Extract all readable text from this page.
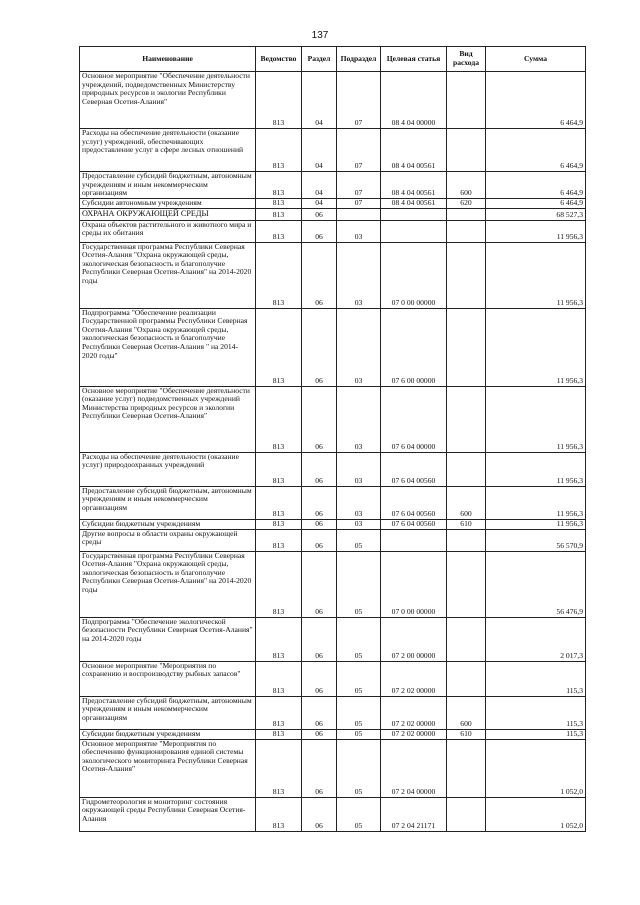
137
Наименование	Ведомство	Раздел	Подраздел	Целевая статья	Вид расхода	Сумма
Основное мероприятие "Обеспечение деятельности учреждений, подведомственных Министерству природных ресурсов и экологии Республики Северная Осетия-Алания"	813	04	07	08 4 04 00000		6 464,9
Расходы на обеспечение деятельности (оказание услуг) учреждений, обеспечивающих предоставление услуг в сфере лесных отношений	813	04	07	08 4 04 00561		6 464,9
Предоставление субсидий бюджетным, автономным учреждениям и иным некоммерческим организациям	813	04	07	08 4 04 00561	600	6 464,9
Субсидии автономным учреждениям	813	04	07	08 4 04 00561	620	6 464,9
ОХРАНА ОКРУЖАЮЩЕЙ СРЕДЫ	813	06				68 527,3
Охрана объектов растительного и животного мира и среды их обитания	813	06	03			11 956,3
Государственная программа Республики Северная Осетия-Алания "Охрана окружающей среды, экологическая безопасность и благополучие Республики Северная Осетия-Алания" на 2014-2020 годы	813	06	03	07 0 00 00000		11 956,3
Подпрограмма "Обеспечение реализации Государственной программы Республики Северная Осетия-Алания "Охрана окружающей среды, экологическая безопасность и благополучие Республики Северная Осетия-Алания " на 2014-2020 годы"	813	06	03	07 6 00 00000		11 956,3
Основное мероприятие "Обеспечение деятельности (оказание услуг) подведомственных учреждений Министерства природных ресурсов и экологии Республики Северная Осетия-Алания"	813	06	03	07 6 04 00000		11 956,3
Расходы на обеспечение деятельности (оказание услуг) природоохранных учреждений	813	06	03	07 6 04 00560		11 956,3
Предоставление субсидий бюджетным, автономным учреждениям и иным некоммерческим организациям	813	06	03	07 6 04 00560	600	11 956,3
Субсидии бюджетным учреждениям	813	06	03	07 6 04 00560	610	11 956,3
Другие вопросы в области охраны окружающей среды	813	06	05			56 570,9
Государственная программа Республики Северная Осетия-Алания "Охрана окружающей среды, экологическая безопасность и благополучие Республики Северная Осетия-Алания" на 2014-2020 годы	813	06	05	07 0 00 00000		56 476,9
Подпрограмма "Обеспечение экологической безопасности Республики Северная Осетия-Алания" на 2014-2020 годы	813	06	05	07 2 00 00000		2 017,3
Основное мероприятие "Мероприятия по сохранению и воспроизводству рыбных запасов"	813	06	05	07 2 02 00000		115,3
Предоставление субсидий бюджетным, автономным учреждениям и иным некоммерческим организациям	813	06	05	07 2 02 00000	600	115,3
Субсидии бюджетным учреждениям	813	06	05	07 2 02 00000	610	115,3
Основное мероприятие "Мероприятия по обеспечению функционирования единой системы экологического мониторинга Республики Северная Осетия-Алания"	813	06	05	07 2 04 00000		1 052,0
Гидрометеорология и мониторинг состояния окружающей среды Республики Северная Осетия-Алания	813	06	05	07 2 04 21171		1 052,0
